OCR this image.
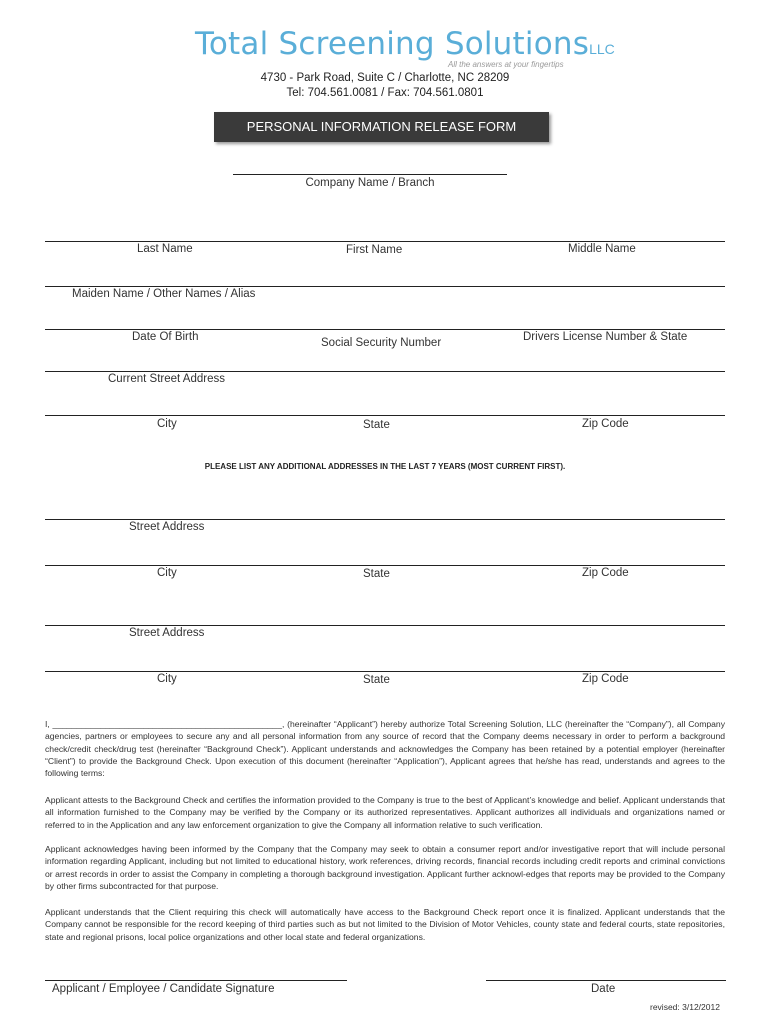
Total Screening SolutionsLLC
All the answers at your fingertips
4730 - Park Road, Suite C / Charlotte, NC 28209
Tel: 704.561.0081 / Fax: 704.561.0801
PERSONAL INFORMATION RELEASE FORM
Company Name / Branch
Last Name	First Name	Middle Name
Maiden Name / Other Names / Alias
Date Of Birth	Social Security Number	Drivers License Number & State
Current Street Address
City	State	Zip Code
PLEASE LIST ANY ADDITIONAL ADDRESSES IN THE LAST 7 YEARS (MOST CURRENT FIRST).
Street Address
City	State	Zip Code
Street Address
City	State	Zip Code
I, ________________________________________________, (hereinafter “Applicant”) hereby authorize Total Screening Solution, LLC (hereinafter the “Company”), all Company agencies, partners or employees to secure any and all personal information from any source of record that the Company deems necessary in order to perform a background check/credit check/drug test (hereinafter “Background Check”). Applicant understands and acknowledges the Company has been retained by a potential employer (hereinafter “Client”) to provide the Background Check. Upon execution of this document (hereinafter “Application”), Applicant agrees that he/she has read, understands and agrees to the following terms:
Applicant attests to the Background Check and certifies the information provided to the Company is true to the best of Applicant’s knowledge and belief. Applicant understands that all information furnished to the Company may be verified by the Company or its authorized representatives. Applicant authorizes all individuals and organizations named or referred to in the Application and any law enforcement organization to give the Company all information relative to such verification.
Applicant acknowledges having been informed by the Company that the Company may seek to obtain a consumer report and/or investigative report that will include personal information regarding Applicant, including but not limited to educational history, work references, driving records, financial records including credit reports and criminal convictions or arrest records in order to assist the Company in completing a thorough background investigation. Applicant further acknowl-edges that reports may be provided to the Company by other firms subcontracted for that purpose.
Applicant understands that the Client requiring this check will automatically have access to the Background Check report once it is finalized. Applicant understands that the Company cannot be responsible for the record keeping of third parties such as but not limited to the Division of Motor Vehicles, county state and federal courts, state repositories, state and regional prisons, local police organizations and other local state and federal organizations.
Applicant / Employee / Candidate Signature	Date
revised: 3/12/2012
